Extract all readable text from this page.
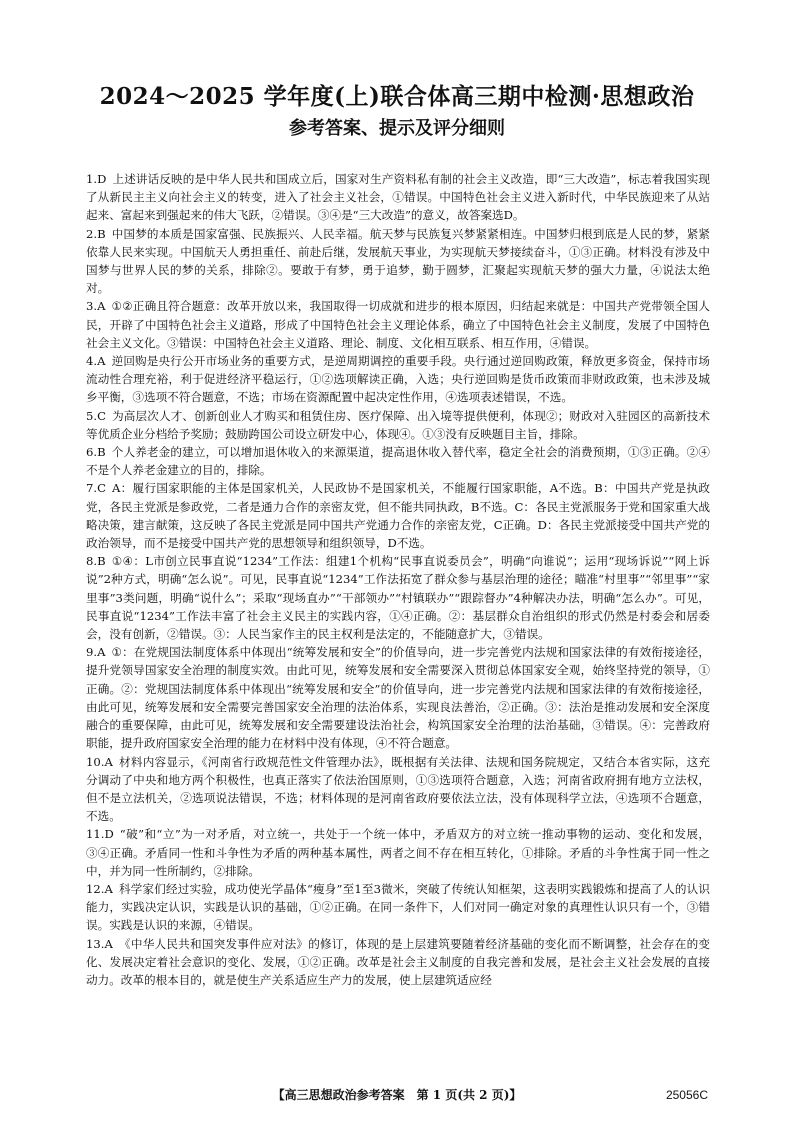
2024～2025 学年度(上)联合体高三期中检测·思想政治
参考答案、提示及评分细则

1.D 上述讲话反映的是中华人民共和国成立后，国家对生产资料私有制的社会主义改造，即“三大改造”，标志着我国实现了从新民主主义向社会主义的转变，进入了社会主义社会，①错误。中国特色社会主义进入新时代，中华民族迎来了从站起来、富起来到强起来的伟大飞跃，②错误。③④是“三大改造”的意义，故答案选D。

2.B 中国梦的本质是国家富强、民族振兴、人民幸福。航天梦与民族复兴梦紧紧相连。中国梦归根到底是人民的梦，紧紧依靠人民来实现。中国航天人勇担重任、前赴后继，发展航天事业，为实现航天梦接续奋斗，①③正确。材料没有涉及中国梦与世界人民的梦的关系，排除②。要敢于有梦，勇于追梦，勤于圆梦，汇聚起实现航天梦的强大力量，④说法太绝对。

3.A ①②正确且符合题意：改革开放以来，我国取得一切成就和进步的根本原因，归结起来就是：中国共产党带领全国人民，开辟了中国特色社会主义道路，形成了中国特色社会主义理论体系，确立了中国特色社会主义制度，发展了中国特色社会主义文化。③错误：中国特色社会主义道路、理论、制度、文化相互联系、相互作用，④错误。

4.A 逆回购是央行公开市场业务的重要方式，是逆周期调控的重要手段。央行通过逆回购政策，释放更多资金，保持市场流动性合理充裕，利于促进经济平稳运行，①②选项解读正确，入选；央行逆回购是货币政策而非财政政策，也未涉及城乡平衡，③选项不符合题意，不选；市场在资源配置中起决定性作用，④选项表述错误，不选。

5.C 为高层次人才、创新创业人才购买和租赁住房、医疗保障、出入境等提供便利，体现②；财政对入驻园区的高新技术等优质企业分档给予奖励；鼓励跨国公司设立研发中心，体现④。①③没有反映题目主旨，排除。

6.B 个人养老金的建立，可以增加退休收入的来源渠道，提高退休收入替代率，稳定全社会的消费预期，①③正确。②④不是个人养老金建立的目的，排除。

7.C A：履行国家职能的主体是国家机关，人民政协不是国家机关，不能履行国家职能，A不选。B：中国共产党是执政党，各民主党派是参政党，二者是通力合作的亲密友党，但不能共同执政，B不选。C：各民主党派服务于党和国家重大战略决策，建言献策，这反映了各民主党派是同中国共产党通力合作的亲密友党，C正确。D：各民主党派接受中国共产党的政治领导，而不是接受中国共产党的思想领导和组织领导，D不选。

8.B ①④：L市创立民事直说“1234”工作法：组建1个机构“民事直说委员会”，明确“向谁说”；运用“现场诉说”“网上诉说”2种方式，明确“怎么说”。可见，民事直说“1234”工作法拓宽了群众参与基层治理的途径；瞄准“村里事”“邻里事”“家里事”3类问题，明确“说什么”；采取“现场直办”“干部领办”“村镇联办”“跟踪督办”4种解决办法，明确“怎么办”。可见，民事直说“1234”工作法丰富了社会主义民主的实践内容，①④正确。②：基层群众自治组织的形式仍然是村委会和居委会，没有创新，②错误。③：人民当家作主的民主权利是法定的，不能随意扩大，③错误。

9.A ①：在党规国法制度体系中体现出“统筹发展和安全”的价值导向，进一步完善党内法规和国家法律的有效衔接途径，提升党领导国家安全治理的制度实效。由此可见，统筹发展和安全需要深入贯彻总体国家安全观，始终坚持党的领导，①正确。②：党规国法制度体系中体现出“统筹发展和安全”的价值导向，进一步完善党内法规和国家法律的有效衔接途径，由此可见，统筹发展和安全需要完善国家安全治理的法治体系，实现良法善治，②正确。③：法治是推动发展和安全深度融合的重要保障，由此可见，统筹发展和安全需要建设法治社会，构筑国家安全治理的法治基础，③错误。④：完善政府职能，提升政府国家安全治理的能力在材料中没有体现，④不符合题意。

10.A 材料内容显示，《河南省行政规范性文件管理办法》，既根据有关法律、法规和国务院规定，又结合本省实际，这充分调动了中央和地方两个积极性，也真正落实了依法治国原则，①③选项符合题意，入选；河南省政府拥有地方立法权，但不是立法机关，②选项说法错误，不选；材料体现的是河南省政府要依法立法，没有体现科学立法，④选项不合题意，不选。

11.D “破”和“立”为一对矛盾，对立统一，共处于一个统一体中，矛盾双方的对立统一推动事物的运动、变化和发展，③④正确。矛盾同一性和斗争性为矛盾的两种基本属性，两者之间不存在相互转化，①排除。矛盾的斗争性寓于同一性之中，并为同一性所制约，②排除。

12.A 科学家们经过实验，成功使光学晶体“瘦身”至1至3微米，突破了传统认知框架，这表明实践锻炼和提高了人的认识能力，实践决定认识，实践是认识的基础，①②正确。在同一条件下，人们对同一确定对象的真理性认识只有一个，③错误。实践是认识的来源，④错误。

13.A 《中华人民共和国突发事件应对法》的修订，体现的是上层建筑要随着经济基础的变化而不断调整，社会存在的变化、发展决定着社会意识的变化、发展，①②正确。改革是社会主义制度的自我完善和发展，是社会主义社会发展的直接动力。改革的根本目的，就是使生产关系适应生产力的发展，使上层建筑适应经

【高三思想政治参考答案　第 1 页(共 2 页)】	25056C
